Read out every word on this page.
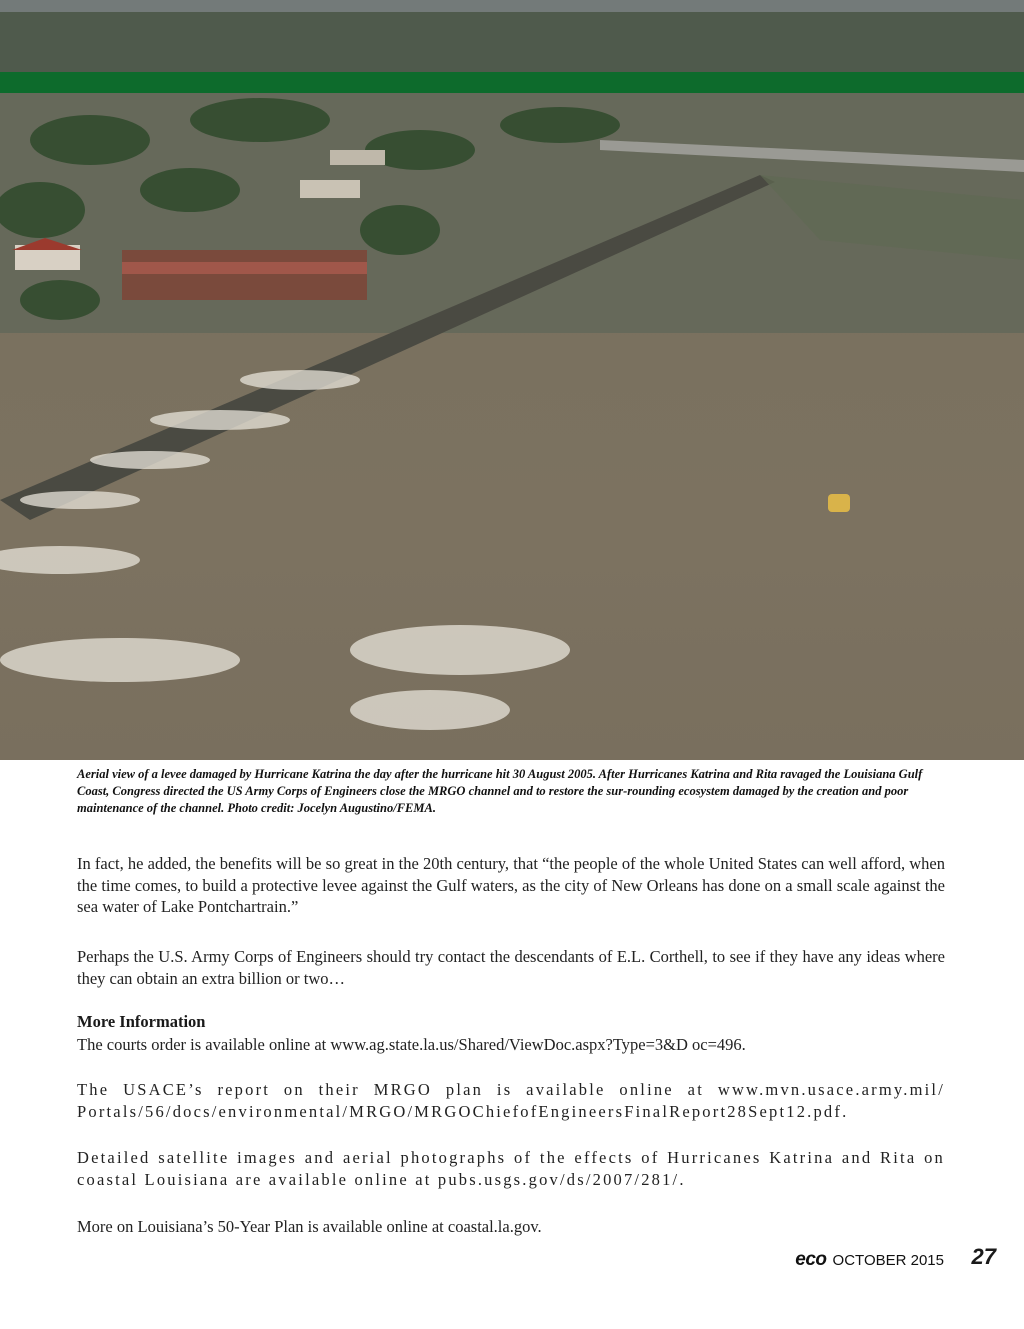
Aerial view of a levee damaged by Hurricane Katrina the day after the hurricane hit 30 August 2005. After Hurricanes Katrina and Rita ravaged the Louisiana Gulf Coast, Congress directed the US Army Corps of Engineers close the MRGO channel and to restore the sur-rounding ecosystem damaged by the creation and poor maintenance of the channel. Photo credit: Jocelyn Augustino/FEMA.

In fact, he added, the benefits will be so great in the 20th century, that “the people of the whole United States can well afford, when the time comes, to build a protective levee against the Gulf waters, as the city of New Orleans has done on a small scale against the sea water of Lake Pontchartrain.”

Perhaps the U.S. Army Corps of Engineers should try contact the descendants of E.L. Corthell, to see if they have any ideas where they can obtain an extra billion or two…

More Information

The courts order is available online at www.ag.state.la.us/Shared/ViewDoc.aspx?Type=3&D oc=496.

The USACE’s report on their MRGO plan is available online at www.mvn.usace.army.mil/ Portals/56/docs/environmental/MRGO/MRGOChiefofEngineersFinalReport28Sept12.pdf.

Detailed satellite images and aerial photographs of the effects of Hurricanes Katrina and Rita on coastal Louisiana are available online at pubs.usgs.gov/ds/2007/281/.

More on Louisiana’s 50-Year Plan is available online at coastal.la.gov.

eco OCTOBER 2015 27
